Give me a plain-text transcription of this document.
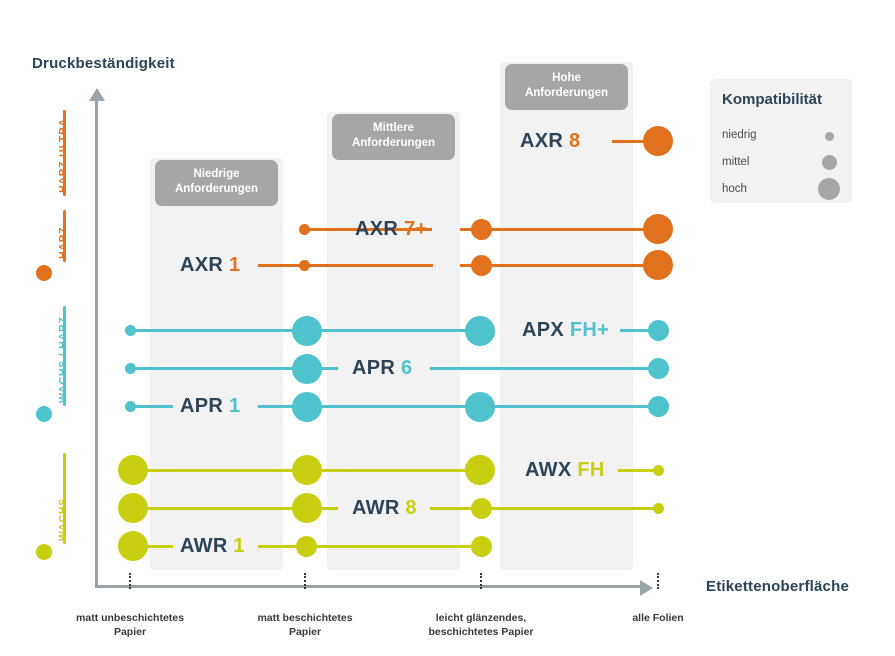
Druckbeständigkeit
Etikettenoberfläche
Niedrige
Anforderungen
Mittlere
Anforderungen
Hohe
Anforderungen
HARZ ULTRA
HARZ
WACHS / HARZ
WACHS
AXR 8
AXR 7+
AXR 1
APX FH+
APR 6
APR 1
AWX FH
AWR 8
AWR 1
Kompatibilität
niedrig
mittel
hoch
matt unbeschichtetes
Papier
matt beschichtetes
Papier
leicht glänzendes,
beschichtetes Papier
alle Folien
